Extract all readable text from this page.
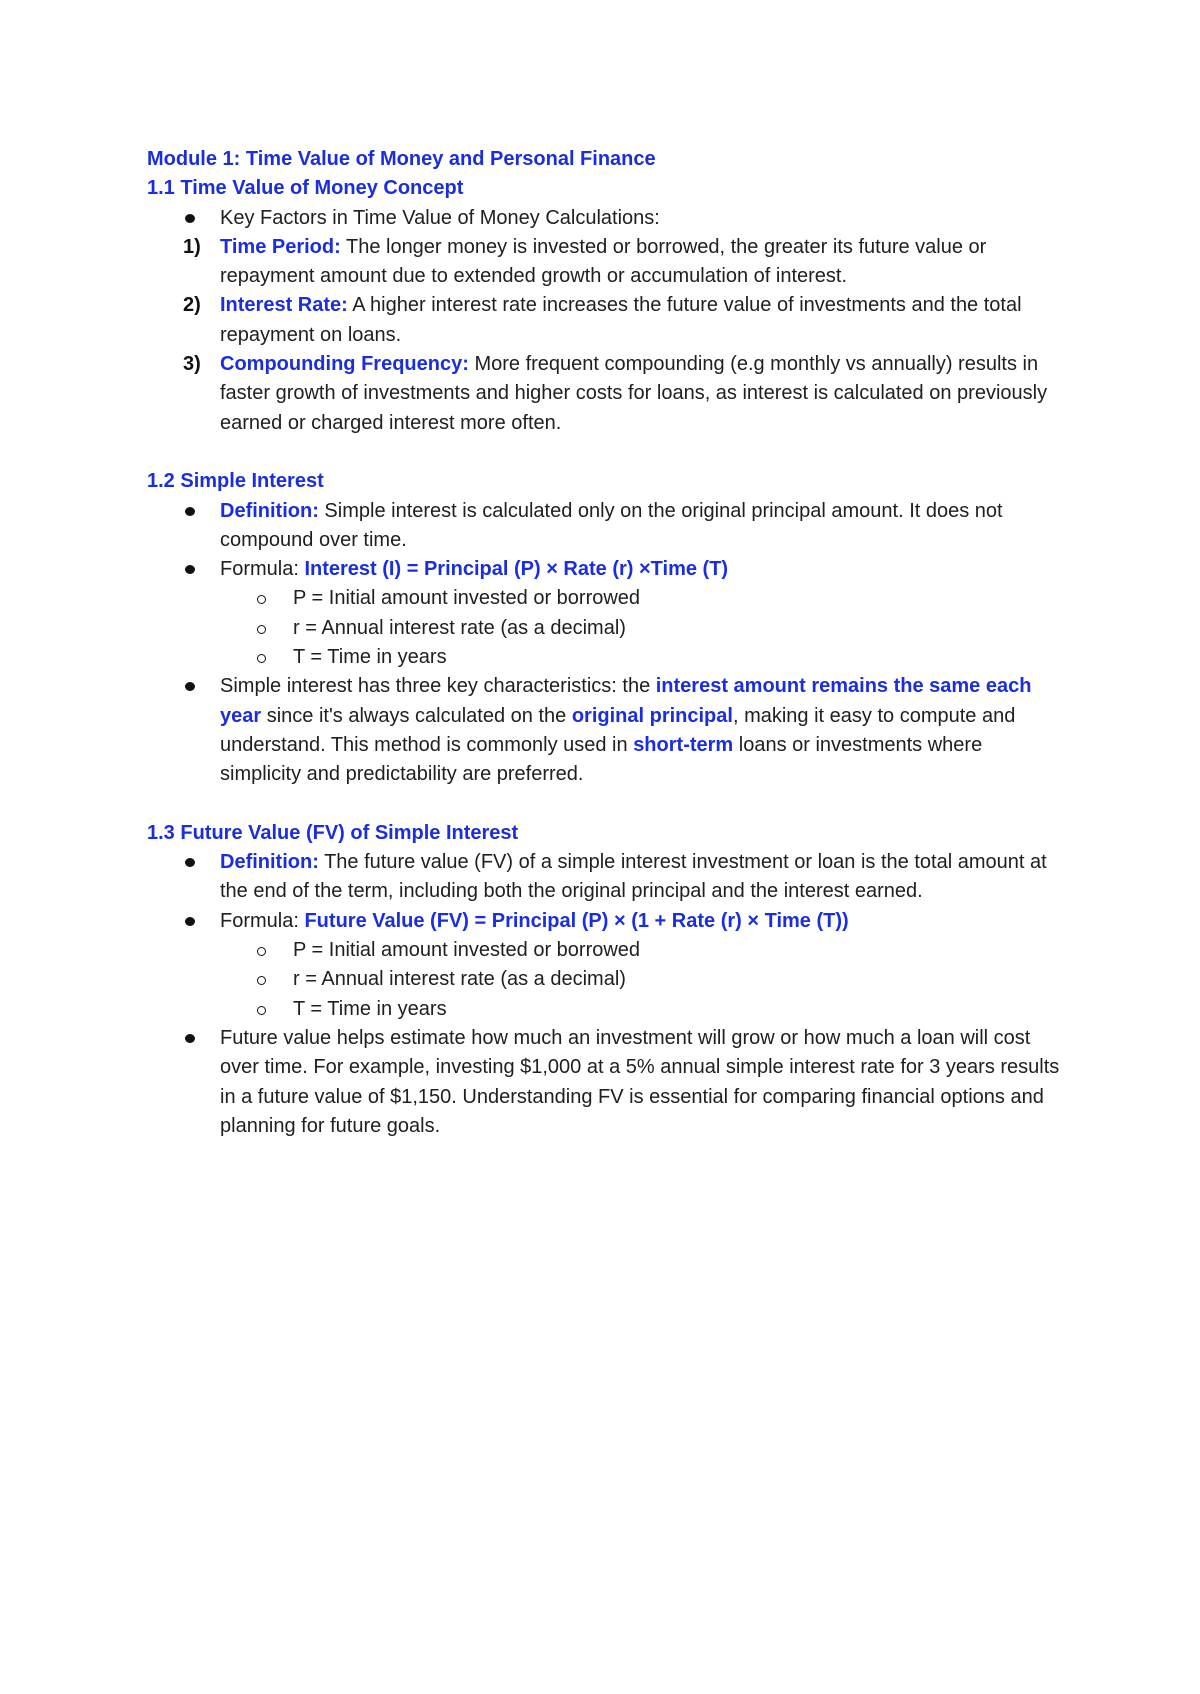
Module 1: Time Value of Money and Personal Finance
1.1 Time Value of Money Concept
Key Factors in Time Value of Money Calculations:
1) Time Period: The longer money is invested or borrowed, the greater its future value or repayment amount due to extended growth or accumulation of interest.
2) Interest Rate: A higher interest rate increases the future value of investments and the total repayment on loans.
3) Compounding Frequency: More frequent compounding (e.g monthly vs annually) results in faster growth of investments and higher costs for loans, as interest is calculated on previously earned or charged interest more often.
1.2 Simple Interest
Definition: Simple interest is calculated only on the original principal amount. It does not compound over time.
Formula: Interest (I) = Principal (P) × Rate (r) ×Time (T)
P = Initial amount invested or borrowed
r = Annual interest rate (as a decimal)
T = Time in years
Simple interest has three key characteristics: the interest amount remains the same each year since it's always calculated on the original principal, making it easy to compute and understand. This method is commonly used in short-term loans or investments where simplicity and predictability are preferred.
1.3 Future Value (FV) of Simple Interest
Definition: The future value (FV) of a simple interest investment or loan is the total amount at the end of the term, including both the original principal and the interest earned.
Formula: Future Value (FV) = Principal (P) × (1 + Rate (r) × Time (T))
P = Initial amount invested or borrowed
r = Annual interest rate (as a decimal)
T = Time in years
Future value helps estimate how much an investment will grow or how much a loan will cost over time. For example, investing $1,000 at a 5% annual simple interest rate for 3 years results in a future value of $1,150. Understanding FV is essential for comparing financial options and planning for future goals.
